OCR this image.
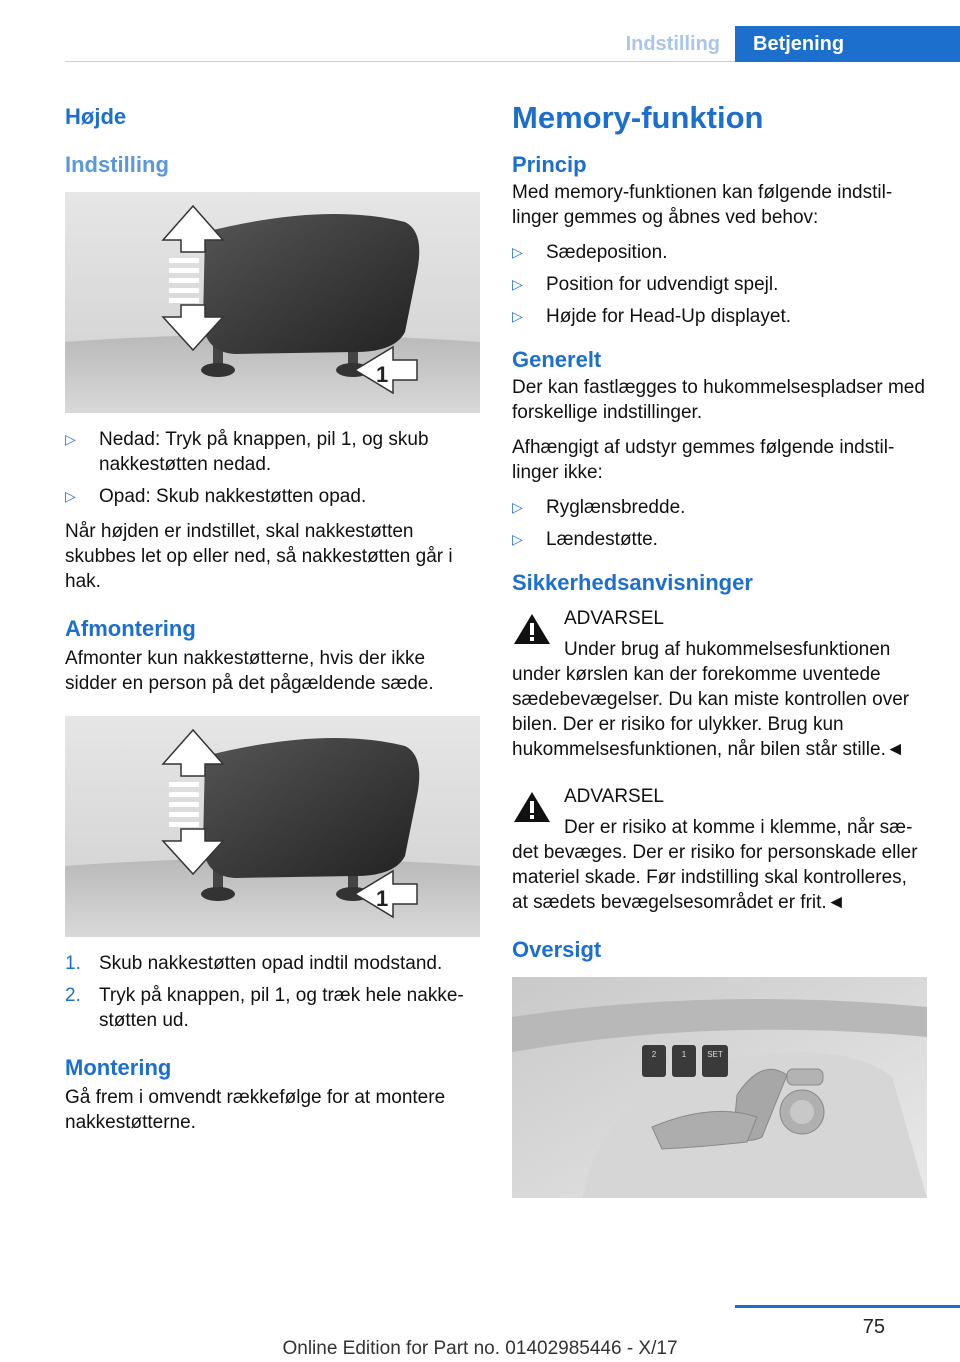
Indstilling	Betjening
Højde
Indstilling
1
▷ Nedad: Tryk på knappen, pil 1, og skub nakkestøtten nedad.
▷ Opad: Skub nakkestøtten opad.

Når højden er indstillet, skal nakkestøtten skubbes let op eller ned, så nakkestøtten går i hak.

Afmontering

Afmonter kun nakkestøtterne, hvis der ikke sidder en person på det pågældende sæde.

1
1. Skub nakkestøtten opad indtil modstand.
2. Tryk på knappen, pil 1, og træk hele nakkestøtten ud.
Montering

Gå frem i omvendt rækkefølge for at montere nakkestøtterne.

Memory-funktion
Princip

Med memory-funktionen kan følgende indstillinger gemmes og åbnes ved behov:

▷ Sædeposition.
▷ Position for udvendigt spejl.
▷ Højde for Head-Up displayet.
Generelt

Der kan fastlægges to hukommelsespladser med forskellige indstillinger.

Afhængigt af udstyr gemmes følgende indstillinger ikke:

▷ Ryglænsbredde.
▷ Lændestøtte.
Sikkerhedsanvisninger
ADVARSEL
Under brug af hukommelsesfunktionen under kørslen kan der forekomme uventede sædebevægelser. Du kan miste kontrollen over bilen. Der er risiko for ulykker. Brug kun hukommelsesfunktionen, når bilen står stille.◄
ADVARSEL
Der er risiko at komme i klemme, når sædet bevæges. Der er risiko for personskade eller materiel skade. Før indstilling skal kontrolleres, at sædets bevægelsesområdet er frit.◄
Oversigt
2	1	SET
75
Online Edition for Part no. 01402985446 - X/17
